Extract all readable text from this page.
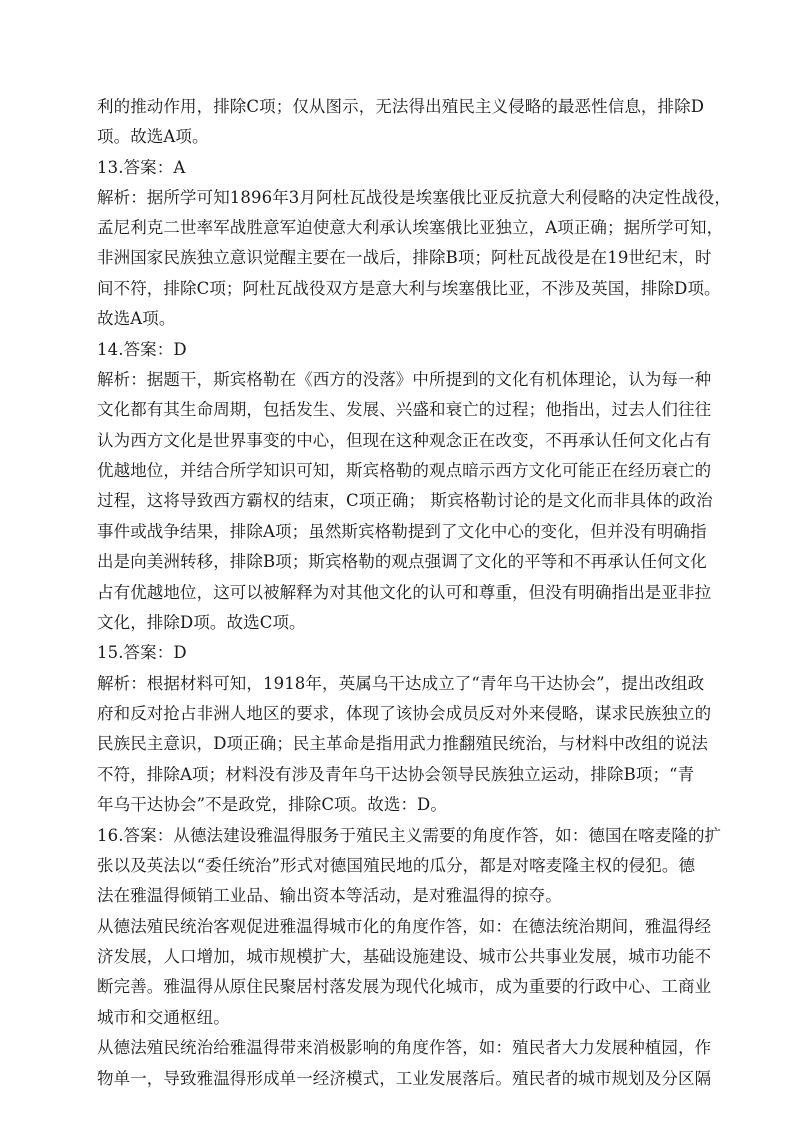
利的推动作用，排除C项；仅从图示，无法得出殖民主义侵略的最恶性信息，排除D
项。故选A项。
13.答案：A
解析：据所学可知1896年3月阿杜瓦战役是埃塞俄比亚反抗意大利侵略的决定性战役，
孟尼利克二世率军战胜意军迫使意大利承认埃塞俄比亚独立，A项正确；据所学可知，
非洲国家民族独立意识觉醒主要在一战后，排除B项；阿杜瓦战役是在19世纪末，时
间不符，排除C项；阿杜瓦战役双方是意大利与埃塞俄比亚，不涉及英国，排除D项。
故选A项。
14.答案：D
解析：据题干，斯宾格勒在《西方的没落》中所提到的文化有机体理论，认为每一种
文化都有其生命周期，包括发生、发展、兴盛和衰亡的过程；他指出，过去人们往往
认为西方文化是世界事变的中心，但现在这种观念正在改变，不再承认任何文化占有
优越地位，并结合所学知识可知，斯宾格勒的观点暗示西方文化可能正在经历衰亡的
过程，这将导致西方霸权的结束，C项正确； 斯宾格勒讨论的是文化而非具体的政治
事件或战争结果，排除A项；虽然斯宾格勒提到了文化中心的变化，但并没有明确指
出是向美洲转移，排除B项；斯宾格勒的观点强调了文化的平等和不再承认任何文化
占有优越地位，这可以被解释为对其他文化的认可和尊重，但没有明确指出是亚非拉
文化，排除D项。故选C项。
15.答案：D
解析：根据材料可知，1918年，英属乌干达成立了“青年乌干达协会”，提出改组政
府和反对抢占非洲人地区的要求，体现了该协会成员反对外来侵略，谋求民族独立的
民族民主意识，D项正确；民主革命是指用武力推翻殖民统治，与材料中改组的说法
不符，排除A项；材料没有涉及青年乌干达协会领导民族独立运动，排除B项；“青
年乌干达协会”不是政党，排除C项。故选：D。
16.答案：从德法建设雅温得服务于殖民主义需要的角度作答，如：德国在喀麦隆的扩
张以及英法以“委任统治”形式对德国殖民地的瓜分，都是对喀麦隆主权的侵犯。德
法在雅温得倾销工业品、输出资本等活动，是对雅温得的掠夺。
从德法殖民统治客观促进雅温得城市化的角度作答，如：在德法统治期间，雅温得经
济发展，人口增加，城市规模扩大，基础设施建设、城市公共事业发展，城市功能不
断完善。雅温得从原住民聚居村落发展为现代化城市，成为重要的行政中心、工商业
城市和交通枢纽。
从德法殖民统治给雅温得带来消极影响的角度作答，如：殖民者大力发展种植园，作
物单一，导致雅温得形成单一经济模式，工业发展落后。殖民者的城市规划及分区隔
